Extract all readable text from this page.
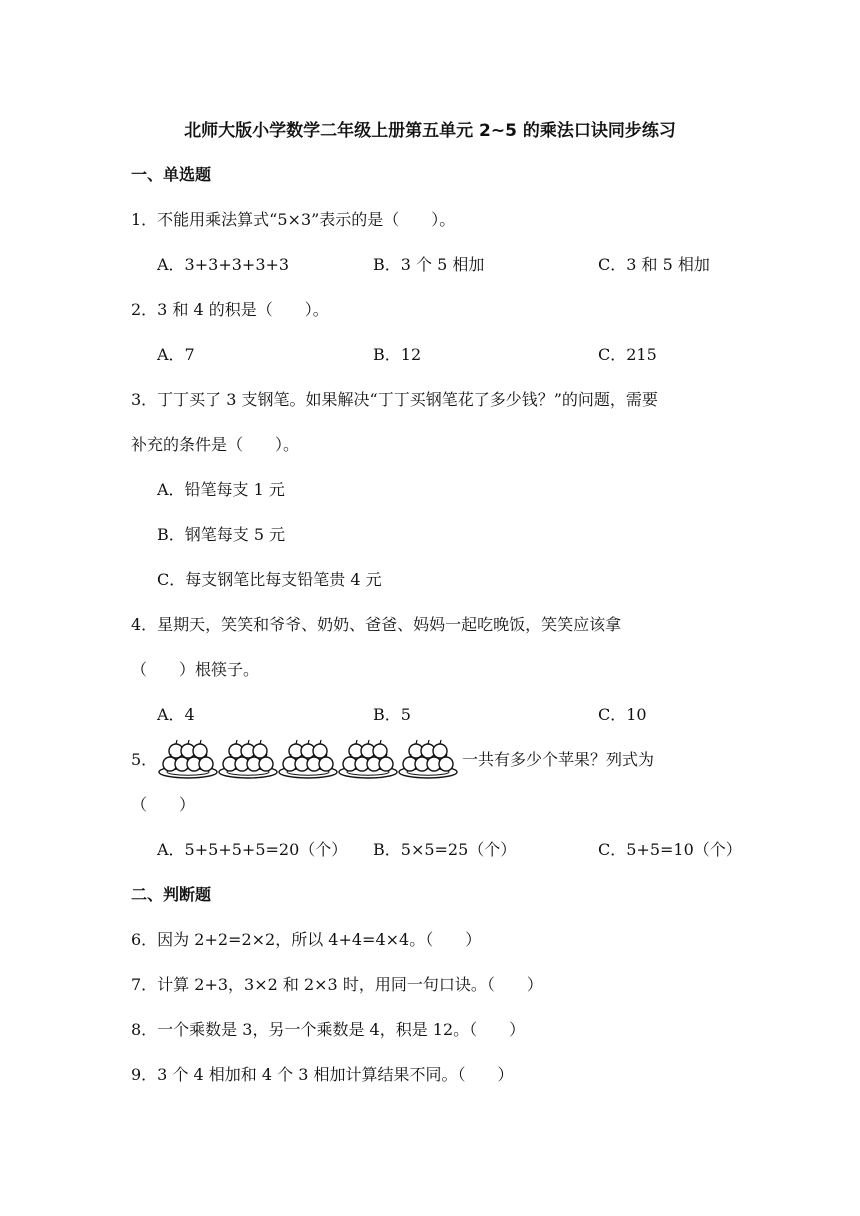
北师大版小学数学二年级上册第五单元 2~5 的乘法口诀同步练习
一、单选题
1．不能用乘法算式“5×3”表示的是（　　）。
A．3+3+3+3+3	B．3 个 5 相加	C．3 和 5 相加
2．3 和 4 的积是（　　）。
A．7	B．12	C．215
3．丁丁买了 3 支钢笔。如果解决“丁丁买钢笔花了多少钱？”的问题，需要
补充的条件是（　　）。
A．铅笔每支 1 元
B．钢笔每支 5 元
C．每支钢笔比每支铅笔贵 4 元
4．星期天，笑笑和爷爷、奶奶、爸爸、妈妈一起吃晚饭，笑笑应该拿
（　　）根筷子。
A．4	B．5	C．10
5．	一共有多少个苹果？列式为
（　　）
A．5+5+5+5=20（个） B．5×5=25（个）	C．5+5=10（个）
二、判断题
6．因为 2+2=2×2，所以 4+4=4×4。（　　）
7．计算 2+3，3×2 和 2×3 时，用同一句口诀。（　　）
8．一个乘数是 3，另一个乘数是 4，积是 12。（　　）
9．3 个 4 相加和 4 个 3 相加计算结果不同。（　　）
